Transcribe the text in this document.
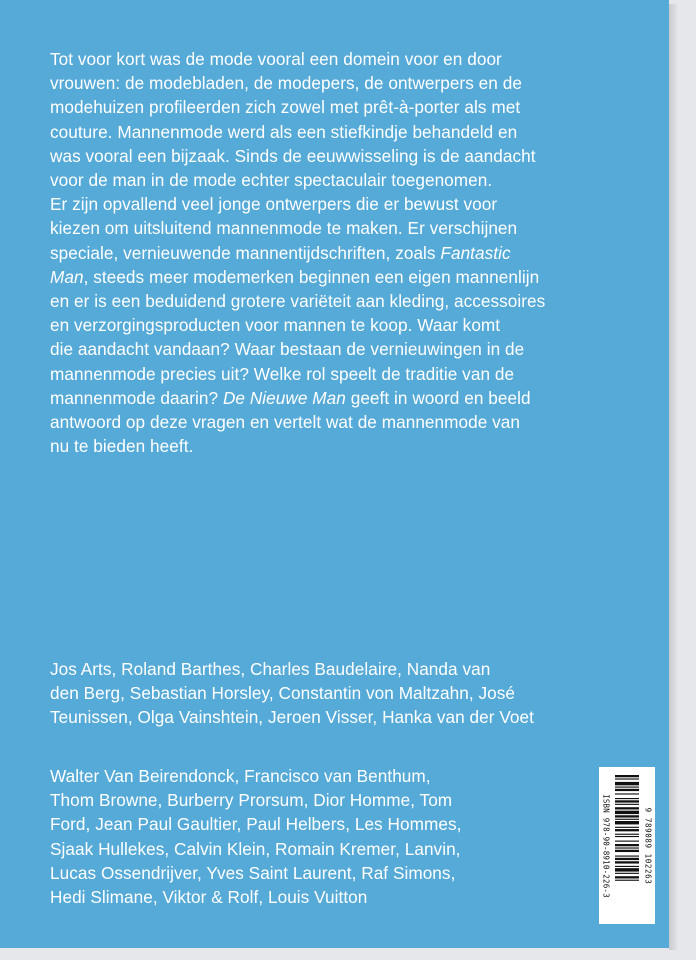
Tot voor kort was de mode vooral een domein voor en door
vrouwen: de modebladen, de modepers, de ontwerpers en de
modehuizen profileerden zich zowel met prêt-à-porter als met
couture. Mannenmode werd als een stiefkindje behandeld en
was vooral een bijzaak. Sinds de eeuwwisseling is de aandacht
voor de man in de mode echter spectaculair toegenomen.
Er zijn opvallend veel jonge ontwerpers die er bewust voor
kiezen om uitsluitend mannenmode te maken. Er verschijnen
speciale, vernieuwende mannentijdschriften, zoals Fantastic
Man, steeds meer modemerken beginnen een eigen mannenlijn
en er is een beduidend grotere variëteit aan kleding, accessoires
en verzorgingsproducten voor mannen te koop. Waar komt
die aandacht vandaan? Waar bestaan de vernieuwingen in de
mannenmode precies uit? Welke rol speelt de traditie van de
mannenmode daarin? De Nieuwe Man geeft in woord en beeld
antwoord op deze vragen en vertelt wat de mannenmode van
nu te bieden heeft.
Jos Arts, Roland Barthes, Charles Baudelaire, Nanda van
den Berg, Sebastian Horsley, Constantin von Maltzahn, José
Teunissen, Olga Vainshtein, Jeroen Visser, Hanka van der Voet
Walter Van Beirendonck, Francisco van Benthum,
Thom Browne, Burberry Prorsum, Dior Homme, Tom
Ford, Jean Paul Gaultier, Paul Helbers, Les Hommes,
Sjaak Hullekes, Calvin Klein, Romain Kremer, Lanvin,
Lucas Ossendrijver, Yves Saint Laurent, Raf Simons,
Hedi Slimane, Viktor & Rolf, Louis Vuitton	ISBN 978-90-8910-226-3	9 789089 102263
